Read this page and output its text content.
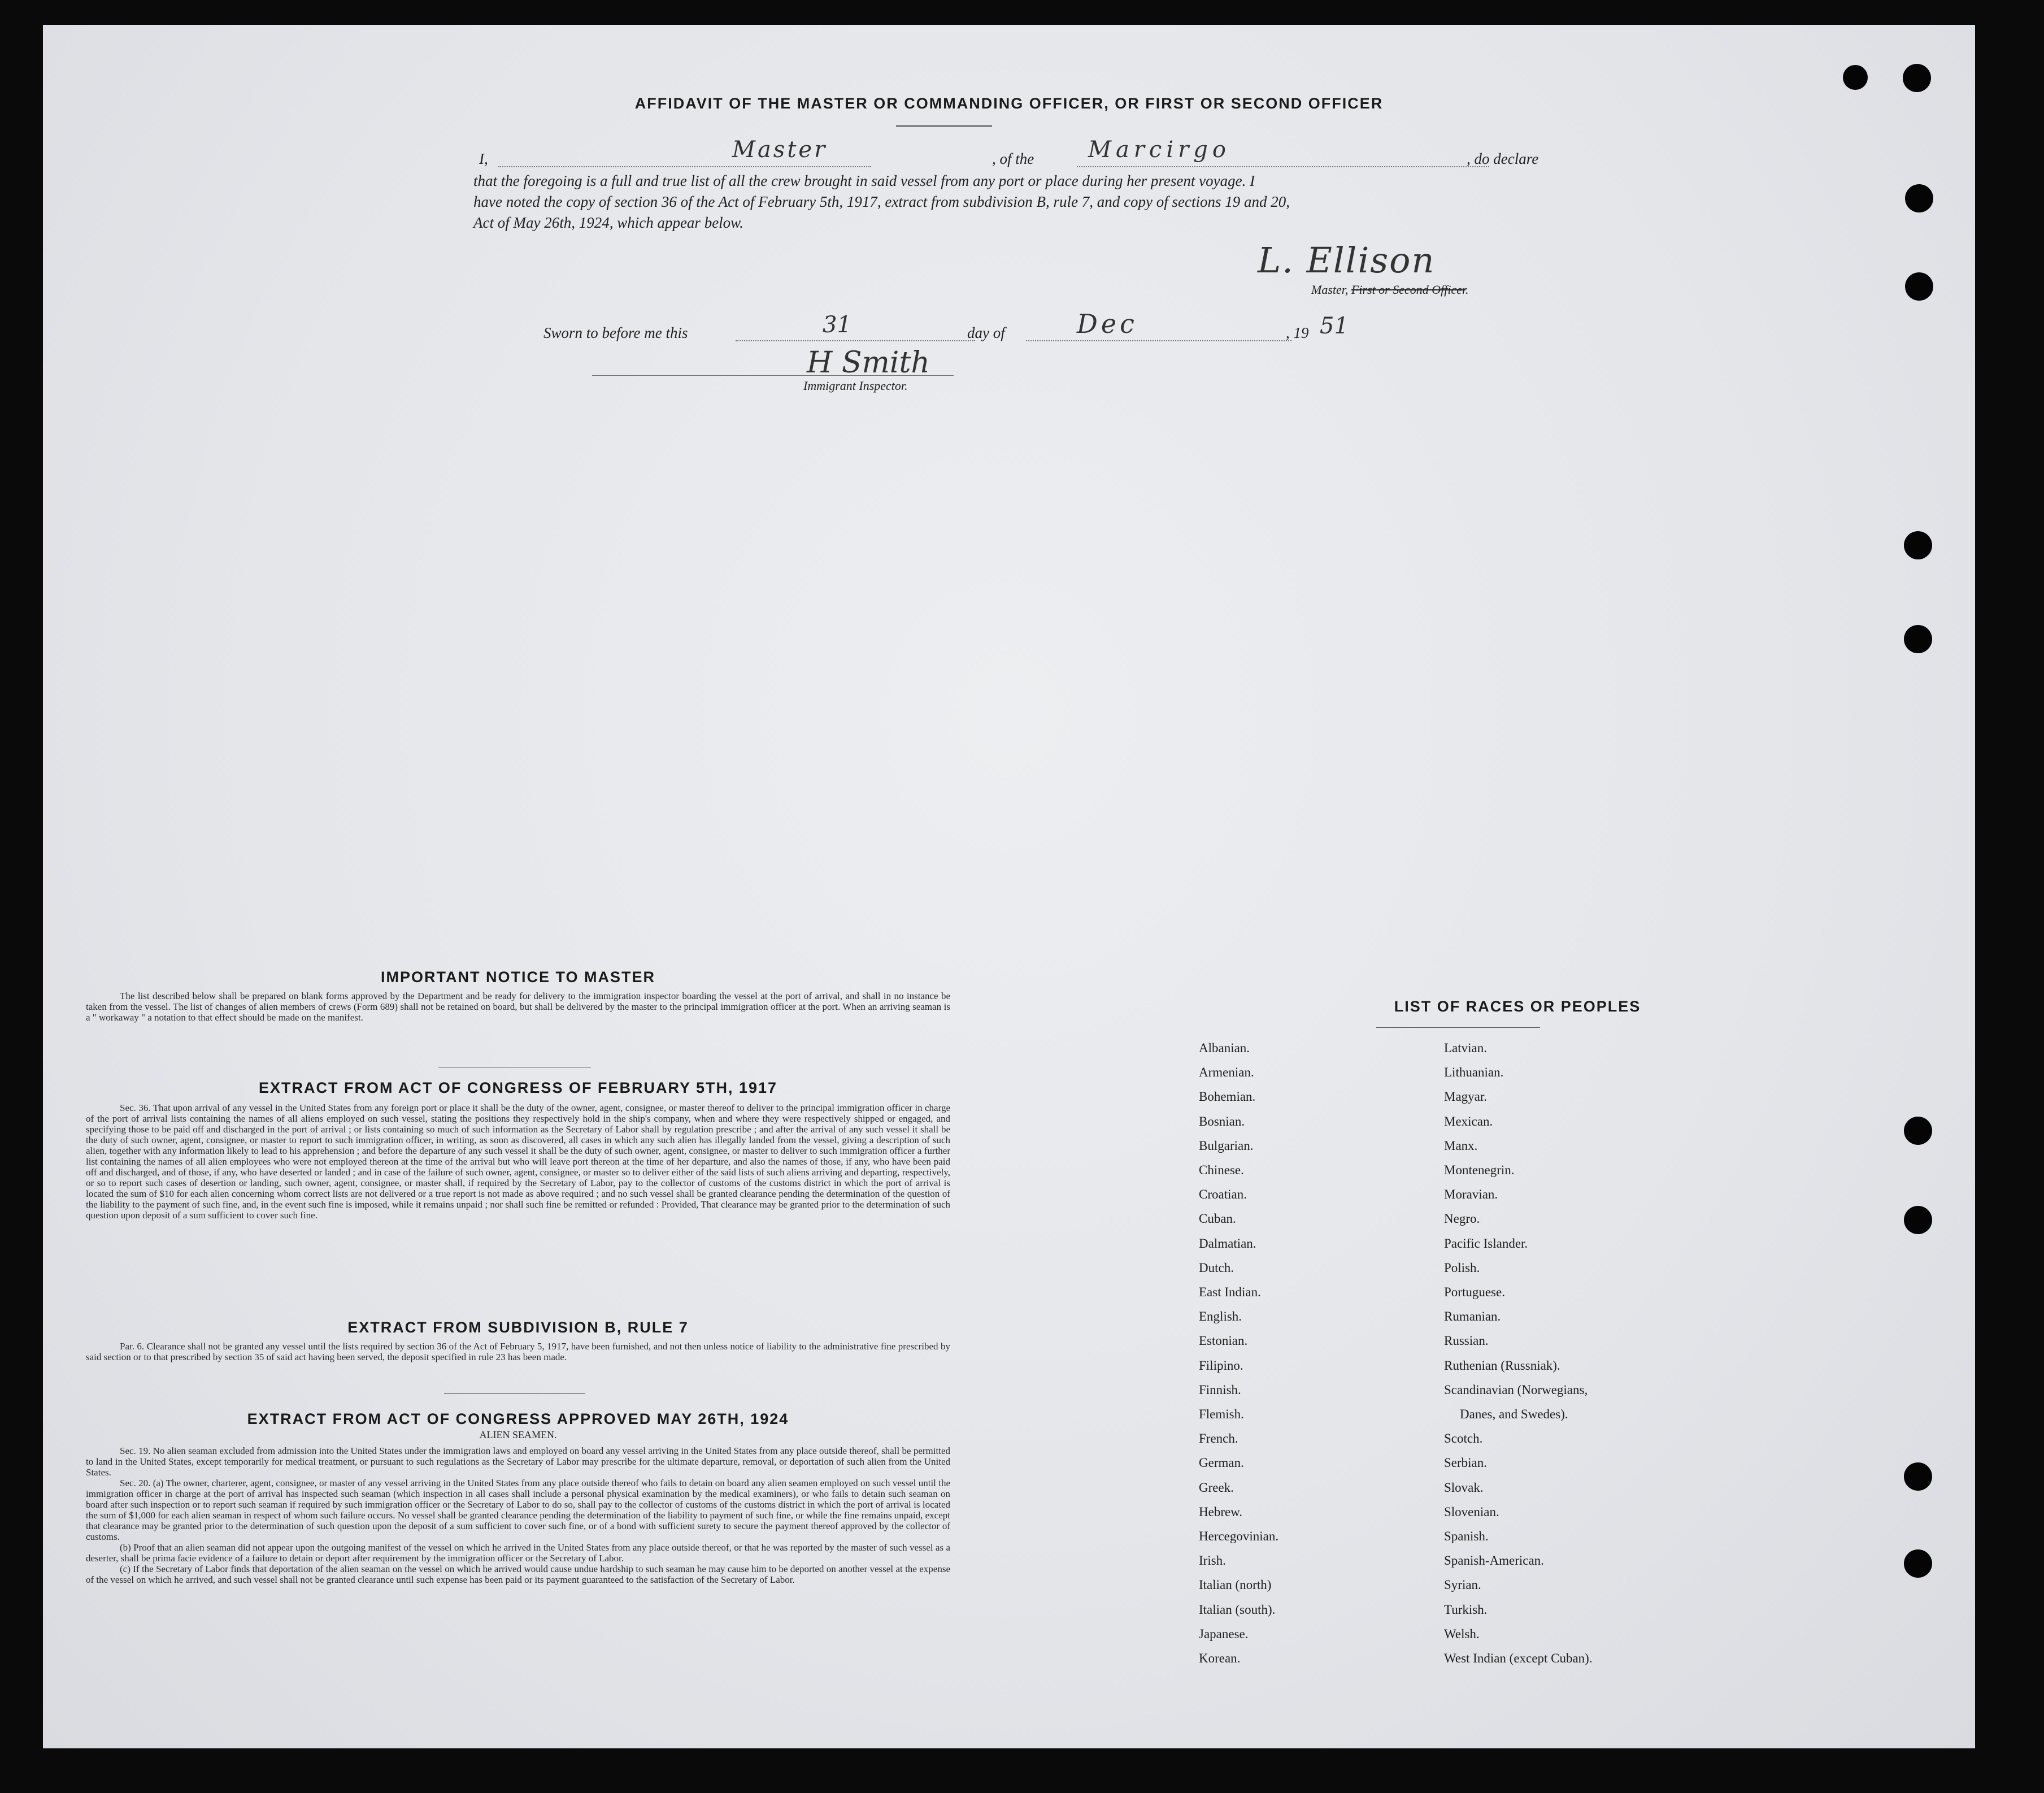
AFFIDAVIT OF THE MASTER OR COMMANDING OFFICER, OR FIRST OR SECOND OFFICER
I,	Master	, of the Marcirgo	, do declare
that the foregoing is a full and true list of all the crew brought in said vessel from any port or place during her present voyage. I
have noted the copy of section 36 of the Act of February 5th, 1917, extract from subdivision B, rule 7, and copy of sections 19 and 20,
Act of May 26th, 1924, which appear below.
L. Ellison
Master, First or Second Officer.
Sworn to before me this	31	day of	Dec	, 19 51
H Smith
Immigrant Inspector.
IMPORTANT NOTICE TO MASTER
The list described below shall be prepared on blank forms approved by the Department and be ready for delivery to the immigration inspector boarding the vessel at the port of arrival, and shall in no instance be taken from the vessel. The list of changes of alien members of crews (Form 689) shall not be retained on board, but shall be delivered by the master to the principal immigration officer at the port. When an arriving seaman is a " workaway " a notation to that effect should be made on the manifest.
EXTRACT FROM ACT OF CONGRESS OF FEBRUARY 5TH, 1917
Sec. 36. That upon arrival of any vessel in the United States from any foreign port or place it shall be the duty of the owner, agent, consignee, or master thereof to deliver to the principal immigration officer in charge of the port of arrival lists containing the names of all aliens employed on such vessel, stating the positions they respectively hold in the ship's company, when and where they were respectively shipped or engaged, and specifying those to be paid off and discharged in the port of arrival ; or lists containing so much of such information as the Secretary of Labor shall by regulation prescribe ; and after the arrival of any such vessel it shall be the duty of such owner, agent, consignee, or master to report to such immigration officer, in writing, as soon as discovered, all cases in which any such alien has illegally landed from the vessel, giving a description of such alien, together with any information likely to lead to his apprehension ; and before the departure of any such vessel it shall be the duty of such owner, agent, consignee, or master to deliver to such immigration officer a further list containing the names of all alien employees who were not employed thereon at the time of the arrival but who will leave port thereon at the time of her departure, and also the names of those, if any, who have been paid off and discharged, and of those, if any, who have deserted or landed ; and in case of the failure of such owner, agent, consignee, or master so to deliver either of the said lists of such aliens arriving and departing, respectively, or so to report such cases of desertion or landing, such owner, agent, consignee, or master shall, if required by the Secretary of Labor, pay to the collector of customs of the customs district in which the port of arrival is located the sum of $10 for each alien concerning whom correct lists are not delivered or a true report is not made as above required ; and no such vessel shall be granted clearance pending the determination of the question of the liability to the payment of such fine, and, in the event such fine is imposed, while it remains unpaid ; nor shall such fine be remitted or refunded : Provided, That clearance may be granted prior to the determination of such question upon deposit of a sum sufficient to cover such fine.
EXTRACT FROM SUBDIVISION B, RULE 7
Par. 6. Clearance shall not be granted any vessel until the lists required by section 36 of the Act of February 5, 1917, have been furnished, and not then unless notice of liability to the administrative fine prescribed by said section or to that prescribed by section 35 of said act having been served, the deposit specified in rule 23 has been made.
EXTRACT FROM ACT OF CONGRESS APPROVED MAY 26TH, 1924
ALIEN SEAMEN.
Sec. 19. No alien seaman excluded from admission into the United States under the immigration laws and employed on board any vessel arriving in the United States from any place outside thereof, shall be permitted to land in the United States, except temporarily for medical treatment, or pursuant to such regulations as the Secretary of Labor may prescribe for the ultimate departure, removal, or deportation of such alien from the United States.
Sec. 20. (a) The owner, charterer, agent, consignee, or master of any vessel arriving in the United States from any place outside thereof who fails to detain on board any alien seamen employed on such vessel until the immigration officer in charge at the port of arrival has inspected such seaman (which inspection in all cases shall include a personal physical examination by the medical examiners), or who fails to detain such seaman on board after such inspection or to report such seaman if required by such immigration officer or the Secretary of Labor to do so, shall pay to the collector of customs of the customs district in which the port of arrival is located the sum of $1,000 for each alien seaman in respect of whom such failure occurs. No vessel shall be granted clearance pending the determination of the liability to payment of such fine, or while the fine remains unpaid, except that clearance may be granted prior to the determination of such question upon the deposit of a sum sufficient to cover such fine, or of a bond with sufficient surety to secure the payment thereof approved by the collector of customs.
(b) Proof that an alien seaman did not appear upon the outgoing manifest of the vessel on which he arrived in the United States from any place outside thereof, or that he was reported by the master of such vessel as a deserter, shall be prima facie evidence of a failure to detain or deport after requirement by the immigration officer or the Secretary of Labor.
(c) If the Secretary of Labor finds that deportation of the alien seaman on the vessel on which he arrived would cause undue hardship to such seaman he may cause him to be deported on another vessel at the expense of the vessel on which he arrived, and such vessel shall not be granted clearance until such expense has been paid or its payment guaranteed to the satisfaction of the Secretary of Labor.
LIST OF RACES OR PEOPLES
Albanian.
Armenian.
Bohemian.
Bosnian.
Bulgarian.
Chinese.
Croatian.
Cuban.
Dalmatian.
Dutch.
East Indian.
English.
Estonian.
Filipino.
Finnish.
Flemish.
French.
German.
Greek.
Hebrew.
Hercegovinian.
Irish.
Italian (north)
Italian (south).
Japanese.
Korean.
Latvian.
Lithuanian.
Magyar.
Mexican.
Manx.
Montenegrin.
Moravian.
Negro.
Pacific Islander.
Polish.
Portuguese.
Rumanian.
Russian.
Ruthenian (Russniak).
Scandinavian (Norwegians,
Danes, and Swedes).
Scotch.
Serbian.
Slovak.
Slovenian.
Spanish.
Spanish-American.
Syrian.
Turkish.
Welsh.
West Indian (except Cuban).
